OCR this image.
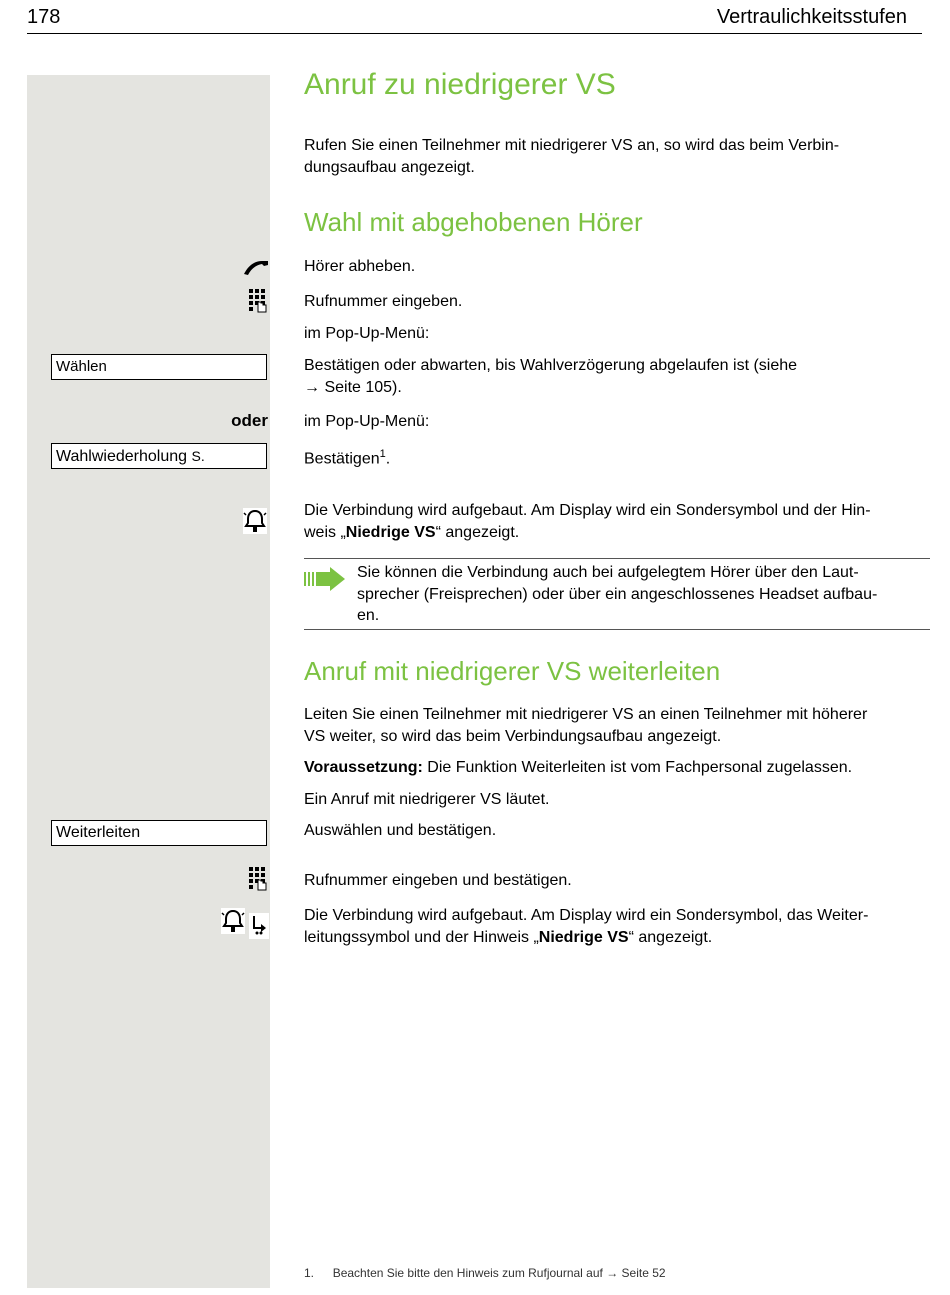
178	Vertraulichkeitsstufen
Anruf zu niedrigerer VS
Rufen Sie einen Teilnehmer mit niedrigerer VS an, so wird das beim Verbin-
dungsaufbau angezeigt.
Wahl mit abgehobenen Hörer
Hörer abheben.
Rufnummer eingeben.
im Pop-Up-Menü:
Wählen	Bestätigen oder abwarten, bis Wahlverzögerung abgelaufen ist (siehe
→ Seite 105).
oder im Pop-Up-Menü:
Wahlwiederholung S.	Bestätigen$^1$.
Die Verbindung wird aufgebaut. Am Display wird ein Sondersymbol und der Hin-
weis „Niedrige VS“ angezeigt.
Sie können die Verbindung auch bei aufgelegtem Hörer über den Laut-
sprecher (Freisprechen) oder über ein angeschlossenes Headset aufbau-
en.
Anruf mit niedrigerer VS weiterleiten
Leiten Sie einen Teilnehmer mit niedrigerer VS an einen Teilnehmer mit höherer
VS weiter, so wird das beim Verbindungsaufbau angezeigt.
Voraussetzung: Die Funktion Weiterleiten ist vom Fachpersonal zugelassen.
Ein Anruf mit niedrigerer VS läutet.
Weiterleiten	Auswählen und bestätigen.
Rufnummer eingeben und bestätigen.
Die Verbindung wird aufgebaut. Am Display wird ein Sondersymbol, das Weiter-
leitungssymbol und der Hinweis „Niedrige VS“ angezeigt.
1. Beachten Sie bitte den Hinweis zum Rufjournal auf → Seite 52
